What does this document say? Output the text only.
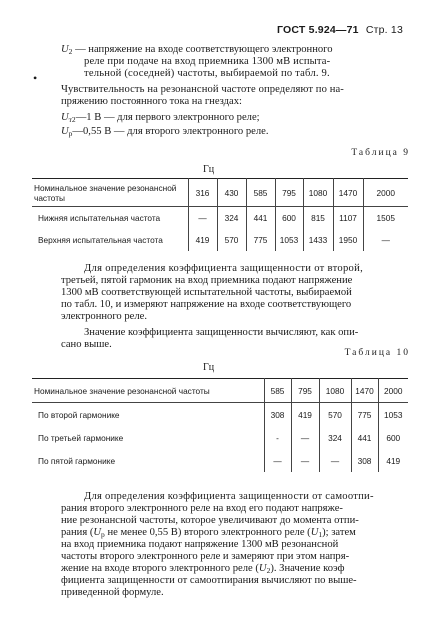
ГОСТ 5.924—71 Стр. 13
•
$U_2$ — напряжение на входе соответствующего электронного
реле при подаче на вход приемника 1300 мВ испыта-
тельной (соседней) частоты, выбираемой по табл. 9.
Чувствительность на резонансной частоте определяют по на-
пряжению постоянного тока на гнездах:
$U_{т2}—1$ В — для первого электронного реле;
$U_р—0,55$ В — для второго электронного реле.
Таблица 9
Гц
Номинальное значение резонансной частоты	316	430	585	795	1080	1470	2000
Нижняя испытательная частота	—	324	441	600	815	1107	1505
Верхняя испытательная частота	419	570	775	1053	1433	1950	—
Для определения коэффициента защищенности от второй,
третьей, пятой гармоник на вход приемника подают напряжение
1300 мВ соответствующей испытательной частоты, выбираемой
по табл. 10, и измеряют напряжение на входе соответствующего
электронного реле.
Значение коэффициента защищенности вычисляют, как опи-
сано выше.
Таблица 10
Гц
Номинальное значение резонансной частоты	585	795	1080	1470	2000
По второй гармонике	308	419	570	775	1053
По третьей гармонике	-	—	324	441	600
По пятой гармонике	—	—	—	308	419
Для определения коэффициента защищенности от самоотпи-
рания второго электронного реле на вход его подают напряже-
ние резонансной частоты, которое увеличивают до момента отпи-
рания ($U_р$ не менее 0,55 В) второго электронного реле $(U_1)$; затем
на вход приемника подают напряжение 1300 мВ резонансной
частоты второго электронного реле и замеряют при этом напря-
жение на входе второго электронного реле $(U_2)$. Значение коэф
фициента защищенности от самоотпирания вычисляют по выше-
приведенной формуле.
